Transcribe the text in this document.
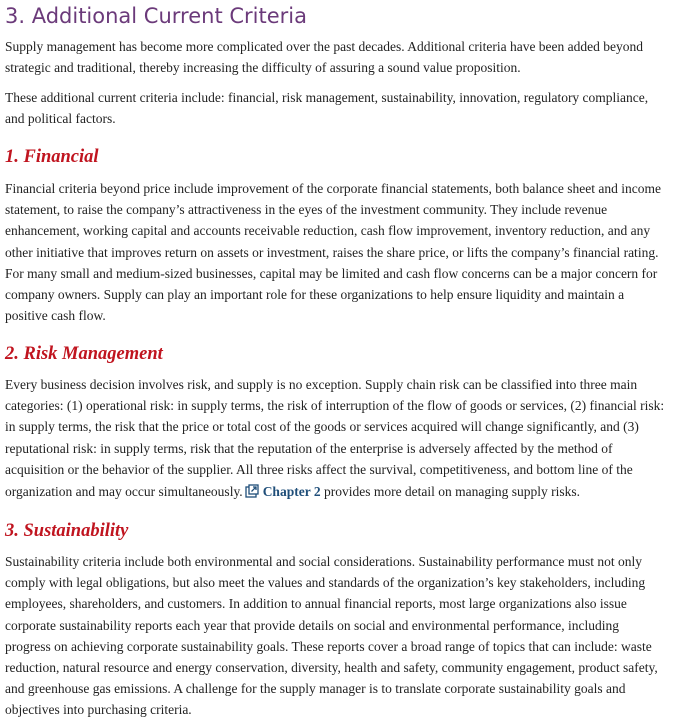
3. Additional Current Criteria

Supply management has become more complicated over the past decades. Additional criteria have been added beyond
strategic and traditional, thereby increasing the difficulty of assuring a sound value proposition.

These additional current criteria include: financial, risk management, sustainability, innovation, regulatory compliance,
and political factors.

1. Financial

Financial criteria beyond price include improvement of the corporate financial statements, both balance sheet and income
statement, to raise the company’s attractiveness in the eyes of the investment community. They include revenue
enhancement, working capital and accounts receivable reduction, cash flow improvement, inventory reduction, and any
other initiative that improves return on assets or investment, raises the share price, or lifts the company’s financial rating.
For many small and medium-sized businesses, capital may be limited and cash flow concerns can be a major concern for
company owners. Supply can play an important role for these organizations to help ensure liquidity and maintain a
positive cash flow.

2. Risk Management

Every business decision involves risk, and supply is no exception. Supply chain risk can be classified into three main
categories: (1) operational risk: in supply terms, the risk of interruption of the flow of goods or services, (2) financial risk:
in supply terms, the risk that the price or total cost of the goods or services acquired will change significantly, and (3)
reputational risk: in supply terms, risk that the reputation of the enterprise is adversely affected by the method of
acquisition or the behavior of the supplier. All three risks affect the survival, competitiveness, and bottom line of the
organization and may occur simultaneously. Chapter 2 provides more detail on managing supply risks.

3. Sustainability

Sustainability criteria include both environmental and social considerations. Sustainability performance must not only
comply with legal obligations, but also meet the values and standards of the organization’s key stakeholders, including
employees, shareholders, and customers. In addition to annual financial reports, most large organizations also issue
corporate sustainability reports each year that provide details on social and environmental performance, including
progress on achieving corporate sustainability goals. These reports cover a broad range of topics that can include: waste
reduction, natural resource and energy conservation, diversity, health and safety, community engagement, product safety,
and greenhouse gas emissions. A challenge for the supply manager is to translate corporate sustainability goals and
objectives into purchasing criteria.
